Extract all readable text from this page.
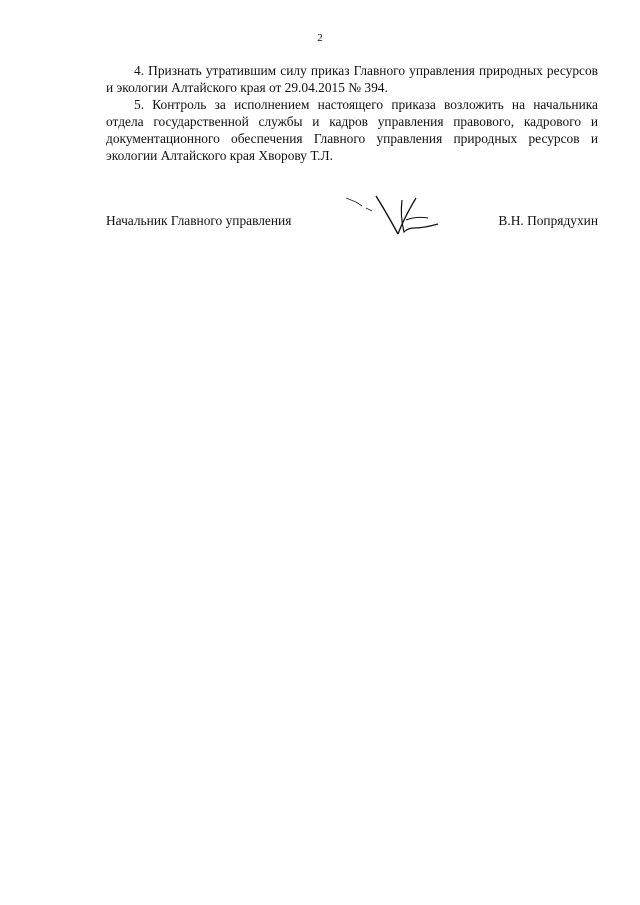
2

4. Признать утратившим силу приказ Главного управления природных ресурсов и экологии Алтайского края от 29.04.2015 № 394.

5. Контроль за исполнением настоящего приказа возложить на начальника отдела государственной службы и кадров управления правового, кадрового и документационного обеспечения Главного управления природных ресурсов и экологии Алтайского края Хворову Т.Л.

Начальник Главного управления	В.Н. Попрядухин
